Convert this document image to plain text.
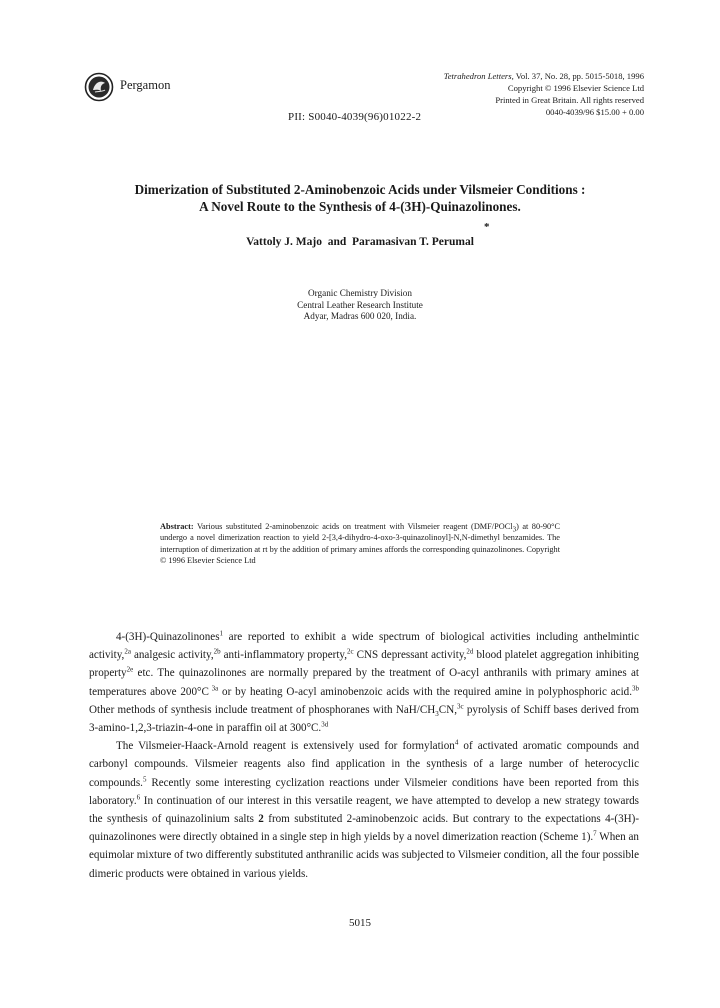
Pergamon
Tetrahedron Letters, Vol. 37, No. 28, pp. 5015-5018, 1996
Copyright © 1996 Elsevier Science Ltd
Printed in Great Britain. All rights reserved
0040-4039/96 $15.00 + 0.00
PII: S0040-4039(96)01022-2
Dimerization of Substituted 2-Aminobenzoic Acids under Vilsmeier Conditions :
A Novel Route to the Synthesis of 4-(3H)-Quinazolinones.
Vattoly J. Majo  and  Paramasivan T. Perumal
*
Organic Chemistry Division
Central Leather Research Institute
Adyar, Madras 600 020, India.
Abstract: Various substituted 2-aminobenzoic acids on treatment with Vilsmeier reagent (DMF/POCl$_3$) at 80-90°C undergo a novel dimerization reaction to yield 2-[3,4-dihydro-4-oxo-3-quinazolinoyl]-N,N-dimethyl benzamides. The interruption of dimerization at rt by the addition of primary amines affords the corresponding quinazolinones. Copyright © 1996 Elsevier Science Ltd

4-(3H)-Quinazolinones$^1$ are reported to exhibit a wide spectrum of biological activities including anthelmintic activity,$^{2a}$ analgesic activity,$^{2b}$ anti-inflammatory property,$^{2c}$ CNS depressant activity,$^{2d}$ blood platelet aggregation inhibiting property$^{2e}$ etc. The quinazolinones are normally prepared by the treatment of O-acyl anthranils with primary amines at temperatures above 200°C $^{3a}$ or by heating O-acyl aminobenzoic acids with the required amine in polyphosphoric acid.$^{3b}$ Other methods of synthesis include treatment of phosphoranes with NaH/$CH_3CN,^{3c}$ pyrolysis of Schiff bases derived from 3-amino-1,2,3-triazin-4-one in paraffin oil at 300°C.$^{3d}$

The Vilsmeier-Haack-Arnold reagent is extensively used for formylation$^4$ of activated aromatic compounds and carbonyl compounds. Vilsmeier reagents also find application in the synthesis of a large number of heterocyclic compounds.$^5$ Recently some interesting cyclization reactions under Vilsmeier conditions have been reported from this laboratory.$^6$ In continuation of our interest in this versatile reagent, we have attempted to develop a new strategy towards the synthesis of quinazolinium salts 2 from substituted 2-aminobenzoic acids. But contrary to the expectations 4-(3H)- quinazolinones were directly obtained in a single step in high yields by a novel dimerization reaction (Scheme 1).$^7$ When an equimolar mixture of two differently substituted anthranilic acids was subjected to Vilsmeier condition, all the four possible dimeric products were obtained in various yields.

5015
